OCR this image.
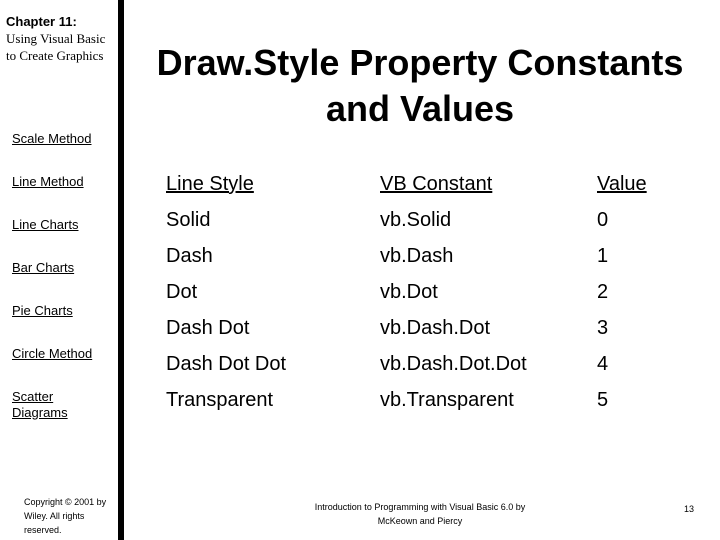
Chapter 11:
Using Visual Basic to Create Graphics
Scale Method
Line Method
Line Charts
Bar Charts
Pie Charts
Circle Method
Scatter Diagrams
Copyright © 2001 by Wiley. All rights reserved.
Draw.Style Property Constants and Values
Line Style	VB Constant	Value
Solid	vb.Solid	0
Dash	vb.Dash	1
Dot	vb.Dot	2
Dash Dot	vb.Dash.Dot	3
Dash Dot Dot	vb.Dash.Dot.Dot	4
Transparent	vb.Transparent	5
Introduction to Programming with Visual Basic 6.0 by McKeown and Piercy
13
